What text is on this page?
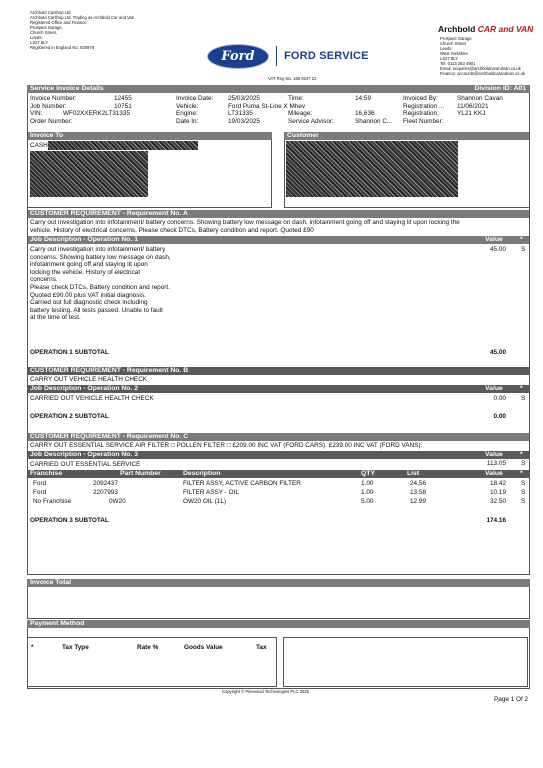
Archbold Carshop Ltd
Archbold Carshop Ltd. Trading as Archbold Car and Van
Registered Office and Finance:
Prospect Garage,
Church Street,
Leeds,
LS27 8LY
Registered in England No. 630978
Ford	FORD SERVICE
VAT Reg No. 166 8247 22
Archbold CAR and VAN
Prospect Garage
Church Street
Leeds
West Yorkshire
LS27 8LY
Tel: 0113 253 4901
Email: enquiries@archboldcarandvan.co.uk
Finance: accounts@archboldcarandvan.co.uk
Service Invoice Details	Division ID: A01
Invoice Number:	12455
Job Number:	10751
VIN:	WF02XXERK2LT31335
Order Number:
Invoice Date: 25/03/2025
Vehicle:	Ford Puma St-Line X Mhev
Engine:	LT31335
Date In:	19/03/2025
Time:	14:59
Mileage:	16,636
Service Advisor:	Shannon C...
Invoiced By:	Shannon Cavan
Registration ... 11/06/2021
Registration:	YL21 KKJ
Fleet Number:
Invoice To	Customer
CASH
CUSTOMER REQUIREMENT - Requirement No. A
Carry out investigation into infotainment/ battery concerns. Showing battery low message on dash, infotainment going off and staying lit upon locking the
vehicle. History of electrical concerns. Please check DTCs, Battery condition and report. Quoted £90
Job Description - Operation No. 1	Value	*
Carry out investigation into infotainment/ battery
concerns. Showing battery low message on dash,
infotainment going off and staying lit upon
locking the vehicle. History of electrical
concerns.
Please check DTCs, Battery condition and report.
Quoted £90.00 plus VAT initial diagnosis.
Carried out full diagnostic check including
battery testing. All tests passed. Unable to fault
at the time of test.
45.00 S
OPERATION 1 SUBTOTAL	45.00
CUSTOMER REQUIREMENT - Requirement No. B
CARRY OUT VEHICLE HEALTH CHECK
Job Description - Operation No. 2	Value	*
CARRIED OUT VEHICLE HEALTH CHECK	0.00 S
OPERATION 2 SUBTOTAL	0.00
CUSTOMER REQUIREMENT - Requirement No. C
CARRY OUT ESSENTIAL SERVICE AIR FILTER □ POLLEN FILTER □ £209.00 INC VAT (FORD CARS). £239.00 INC VAT (FORD VANS).
Job Description - Operation No. 3	Value	*
CARRIED OUT ESSENTIAL SERVICE	113.05 S
Franchise	Part Number	Description	QTY	List	Value	*
Ford	2092437	FILTER ASSY, ACTIVE CARBON FILTER	1.00	24.56	18.42 S
Ford	2207993	FILTER ASSY - OIL	1.00	13.58	10.19 S
No Franchise	0W20	OW20 OIL (1L)	5.00	12.99	32.50 S
OPERATION 3 SUBTOTAL	174.16
Invoice Total
Payment Method
*	Tax Type	Rate %	Goods Value	Tax
Copyright © Pinewood Technologies PLC 2025
Page 1 Of 2
